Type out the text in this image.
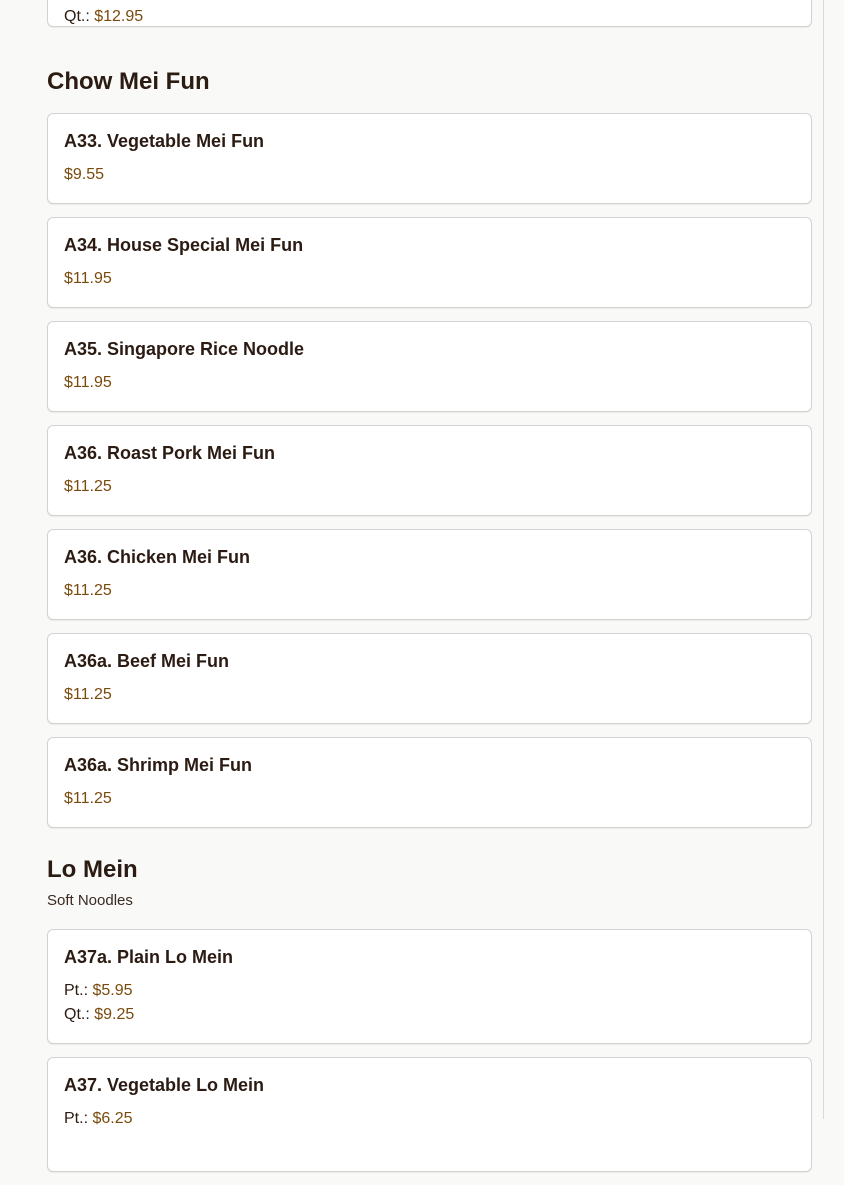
Qt.: $12.95
Chow Mei Fun
A33. Vegetable Mei Fun
$9.55
A34. House Special Mei Fun
$11.95
A35. Singapore Rice Noodle
$11.95
A36. Roast Pork Mei Fun
$11.25
A36. Chicken Mei Fun
$11.25
A36a. Beef Mei Fun
$11.25
A36a. Shrimp Mei Fun
$11.25
Lo Mein
Soft Noodles
A37a. Plain Lo Mein
Pt.: $5.95
Qt.: $9.25
A37. Vegetable Lo Mein
Pt.: $6.25
